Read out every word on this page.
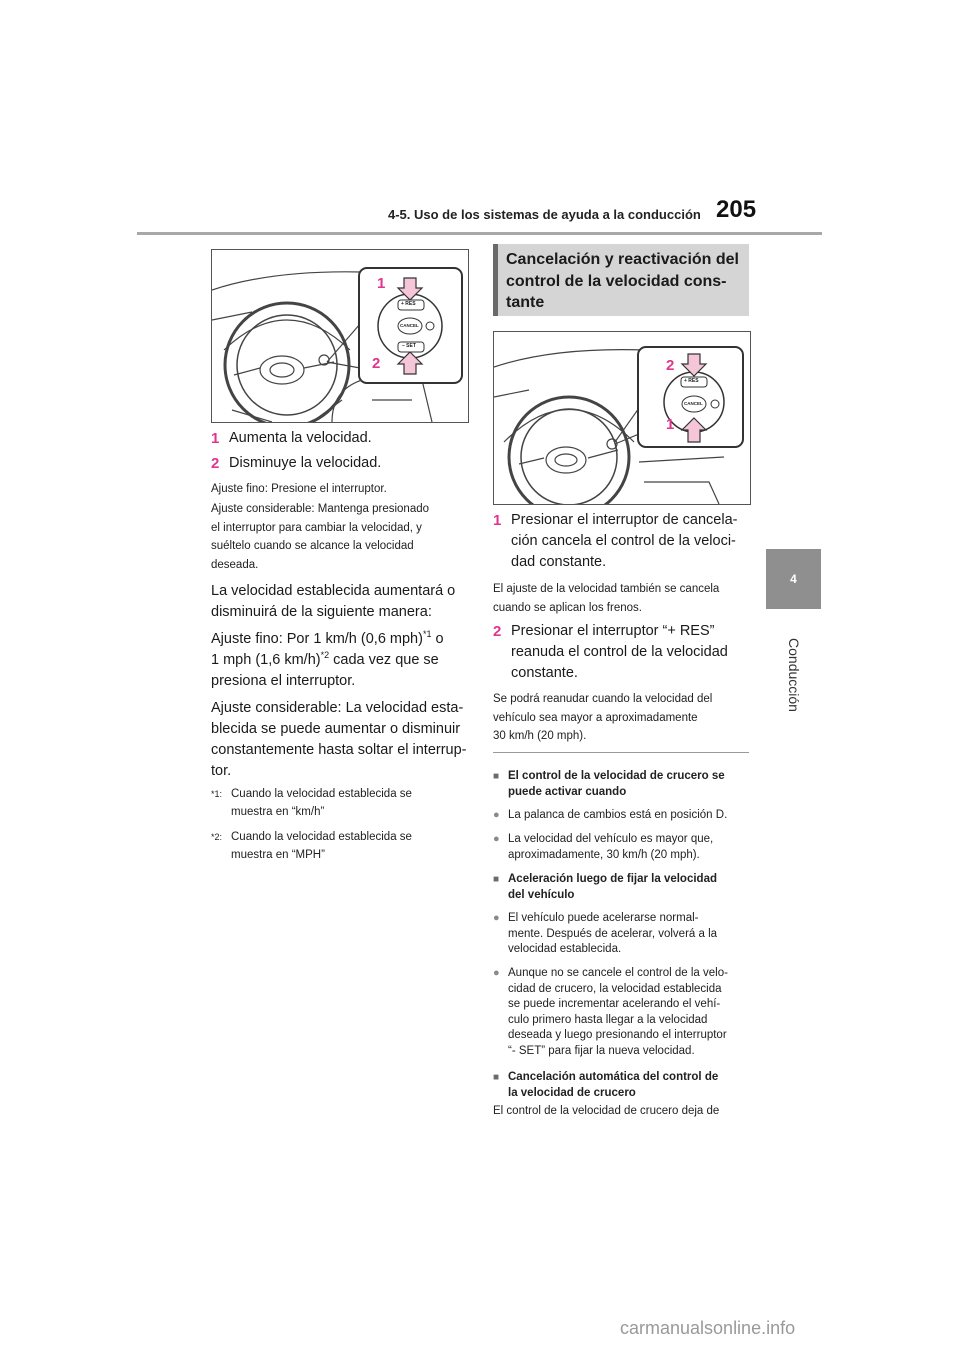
4-5. Uso de los sistemas de ayuda a la conducción 205
4
Conducción
1
2
+ RES
CANCEL
– SET
1 Aumenta la velocidad.
2 Disminuye la velocidad.
Ajuste fino: Presione el interruptor.
Ajuste considerable: Mantenga presionado
el interruptor para cambiar la velocidad, y
suéltelo cuando se alcance la velocidad
deseada.
La velocidad establecida aumentará o
disminuirá de la siguiente manera:
Ajuste fino: Por 1 km/h (0,6 mph)$^{*1}$ o
1 mph (1,6 km/h)$^{*2}$ cada vez que se
presiona el interruptor.
Ajuste considerable: La velocidad esta-
blecida se puede aumentar o disminuir
constantemente hasta soltar el interrup-
tor.
*1: Cuando la velocidad establecida se
muestra en “km/h”
*2: Cuando la velocidad establecida se
muestra en “MPH”
Cancelación y reactivación del
control de la velocidad cons-
tante
2
1
+ RES
CANCEL
1 Presionar el interruptor de cancela-
ción cancela el control de la veloci-
dad constante.
El ajuste de la velocidad también se cancela
cuando se aplican los frenos.
2 Presionar el interruptor “+ RES”
reanuda el control de la velocidad
constante.
Se podrá reanudar cuando la velocidad del
vehículo sea mayor a aproximadamente
30 km/h (20 mph).
■ El control de la velocidad de crucero se
puede activar cuando
● La palanca de cambios está en posición D.
● La velocidad del vehículo es mayor que,
aproximadamente, 30 km/h (20 mph).
■ Aceleración luego de fijar la velocidad
del vehículo
● El vehículo puede acelerarse normal-
mente. Después de acelerar, volverá a la
velocidad establecida.
● Aunque no se cancele el control de la velo-
cidad de crucero, la velocidad establecida
se puede incrementar acelerando el vehí-
culo primero hasta llegar a la velocidad
deseada y luego presionando el interruptor
“- SET” para fijar la nueva velocidad.
■ Cancelación automática del control de
la velocidad de crucero
El control de la velocidad de crucero deja de
carmanualsonline.info
